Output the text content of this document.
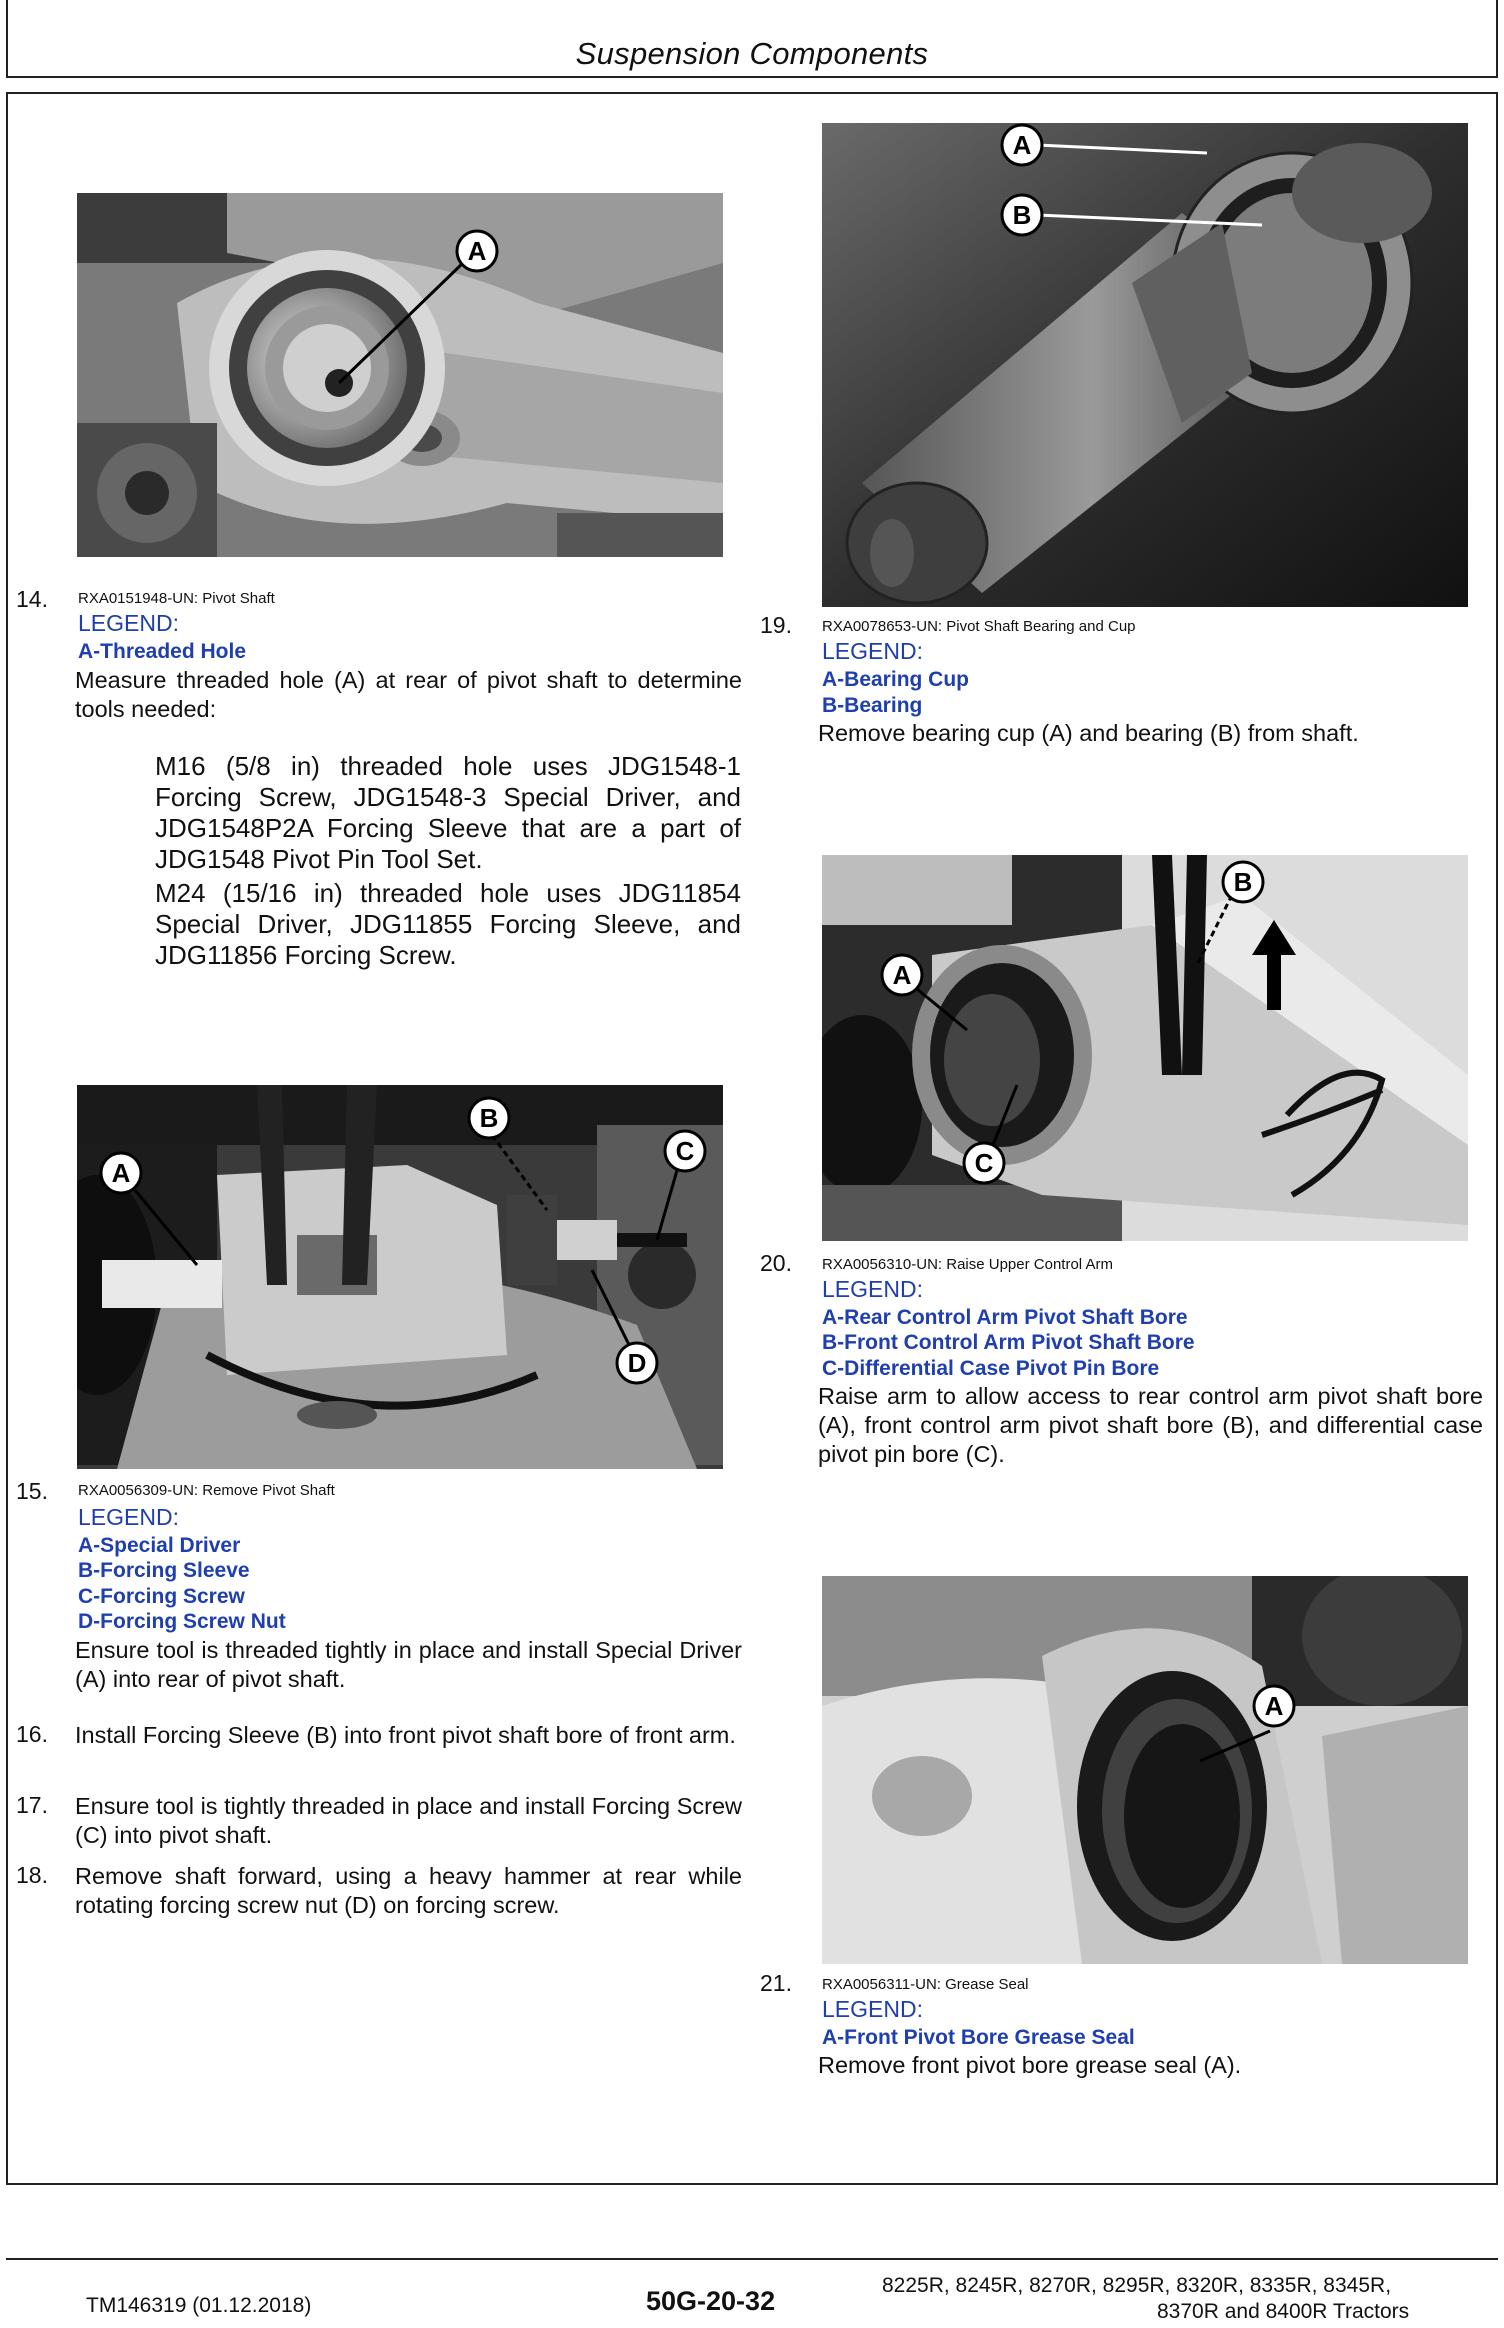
Suspension Components
A
14. RXA0151948-UN: Pivot Shaft
LEGEND:
A-Threaded Hole
Measure threaded hole (A) at rear of pivot shaft to determine tools needed:
M16 (5/8 in) threaded hole uses JDG1548-1 Forcing Screw, JDG1548-3 Special Driver, and JDG1548P2A Forcing Sleeve that are a part of JDG1548 Pivot Pin Tool Set.
M24 (15/16 in) threaded hole uses JDG11854 Special Driver, JDG11855 Forcing Sleeve, and JDG11856 Forcing Screw.
A
B
C
D
15. RXA0056309-UN: Remove Pivot Shaft
LEGEND:
A-Special Driver
B-Forcing Sleeve
C-Forcing Screw
D-Forcing Screw Nut
Ensure tool is threaded tightly in place and install Special Driver (A) into rear of pivot shaft.
16. Install Forcing Sleeve (B) into front pivot shaft bore of front arm.
17. Ensure tool is tightly threaded in place and install Forcing Screw (C) into pivot shaft.
18. Remove shaft forward, using a heavy hammer at rear while rotating forcing screw nut (D) on forcing screw.
A
B
19. RXA0078653-UN: Pivot Shaft Bearing and Cup
LEGEND:
A-Bearing Cup
B-Bearing
Remove bearing cup (A) and bearing (B) from shaft.
A
B
C
20. RXA0056310-UN: Raise Upper Control Arm
LEGEND:
A-Rear Control Arm Pivot Shaft Bore
B-Front Control Arm Pivot Shaft Bore
C-Differential Case Pivot Pin Bore
Raise arm to allow access to rear control arm pivot shaft bore (A), front control arm pivot shaft bore (B), and differential case pivot pin bore (C).
A
21. RXA0056311-UN: Grease Seal
LEGEND:
A-Front Pivot Bore Grease Seal
Remove front pivot bore grease seal (A).
TM146319 (01.12.2018)	50G-20-32
8225R, 8245R, 8270R, 8295R, 8320R, 8335R, 8345R,
8370R and 8400R Tractors
